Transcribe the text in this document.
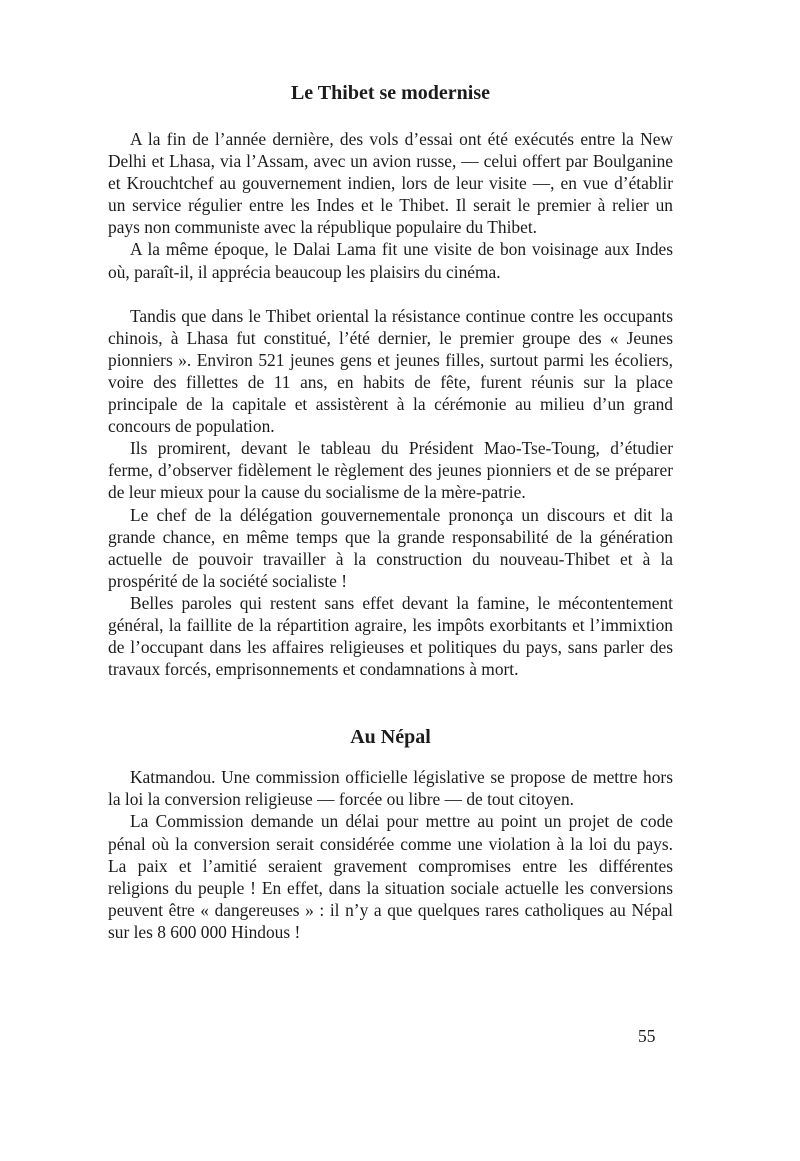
Le Thibet se modernise

A la fin de l’année dernière, des vols d’essai ont été exécutés entre la New Delhi et Lhasa, via l’Assam, avec un avion russe, — celui offert par Boulganine et Krouchtchef au gouvernement indien, lors de leur visite —, en vue d’établir un service régulier entre les Indes et le Thibet. Il serait le premier à relier un pays non communiste avec la république populaire du Thibet.

A la même époque, le Dalai Lama fit une visite de bon voisinage aux Indes où, paraît-il, il apprécia beaucoup les plaisirs du cinéma.

Tandis que dans le Thibet oriental la résistance continue contre les occupants chinois, à Lhasa fut constitué, l’été dernier, le premier groupe des « Jeunes pionniers ». Environ 521 jeunes gens et jeunes filles, surtout parmi les écoliers, voire des fillettes de 11 ans, en habits de fête, furent réunis sur la place principale de la capitale et assistèrent à la cérémonie au milieu d’un grand concours de population.

Ils promirent, devant le tableau du Président Mao-Tse-Toung, d’étudier ferme, d’observer fidèlement le règlement des jeunes pionniers et de se préparer de leur mieux pour la cause du socialisme de la mère-patrie.

Le chef de la délégation gouvernementale prononça un discours et dit la grande chance, en même temps que la grande responsabilité de la génération actuelle de pouvoir travailler à la construction du nouveau-Thibet et à la prospérité de la société socialiste !

Belles paroles qui restent sans effet devant la famine, le mécontentement général, la faillite de la répartition agraire, les impôts exorbitants et l’immixtion de l’occupant dans les affaires religieuses et politiques du pays, sans parler des travaux forcés, emprisonnements et condamnations à mort.

Au Népal

Katmandou. Une commission officielle législative se propose de mettre hors la loi la conversion religieuse — forcée ou libre — de tout citoyen.

La Commission demande un délai pour mettre au point un projet de code pénal où la conversion serait considérée comme une violation à la loi du pays. La paix et l’amitié seraient gravement compromises entre les différentes religions du peuple ! En effet, dans la situation sociale actuelle les conversions peuvent être « dangereuses » : il n’y a que quelques rares catholiques au Népal sur les 8 600 000 Hindous !

55
